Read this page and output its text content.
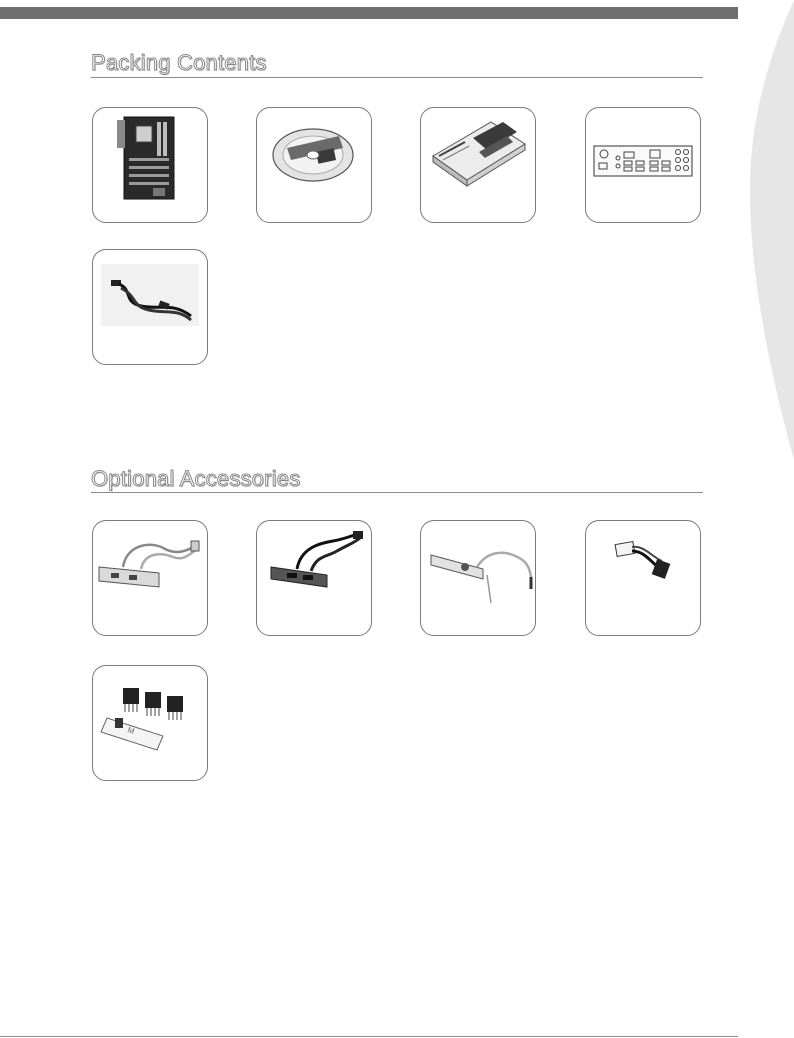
Packing Contents
Optional Accessories
M
